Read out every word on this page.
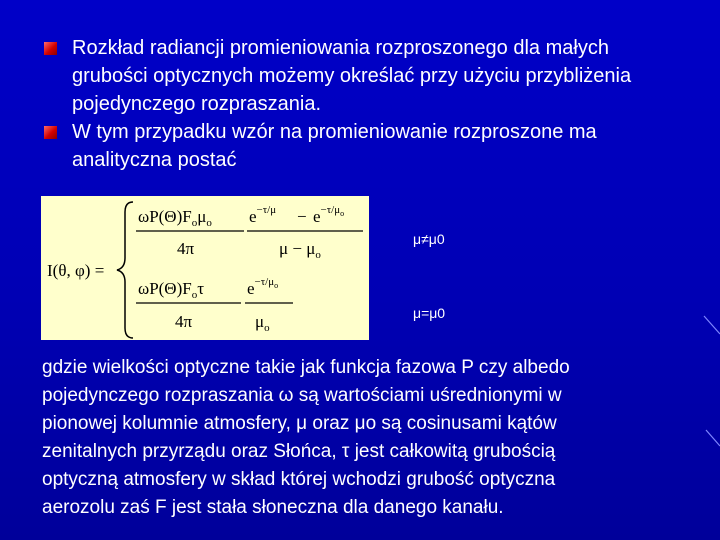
Rozkład radiancji promieniowania rozproszonego dla małych grubości optycznych możemy określać przy użyciu przybliżenia pojedynczego rozpraszania.
W tym przypadku wzór na promieniowanie rozproszone ma analityczna postać
I(θ, φ) =
$\omega P(\Theta)F_o\mu_o$
4π
$e^{-\tau/\mu} - e^{-\tau/\mu}o$
$\mu - \mu_o$
$\omega P(\Theta)F_o\tau$
4π
$e^{-\tau/\mu}o$
$\mu_o$
μ≠μ0
μ=μ0
gdzie wielkości optyczne takie jak funkcja fazowa P czy albedo
pojedynczego rozpraszania ω są wartościami uśrednionymi w
pionowej kolumnie atmosfery, μ oraz μo są cosinusami kątów
zenitalnych przyrządu oraz Słońca, τ jest całkowitą grubością
optyczną atmosfery w skład której wchodzi grubość optyczna
aerozolu zaś F jest stała słoneczna dla danego kanału.
